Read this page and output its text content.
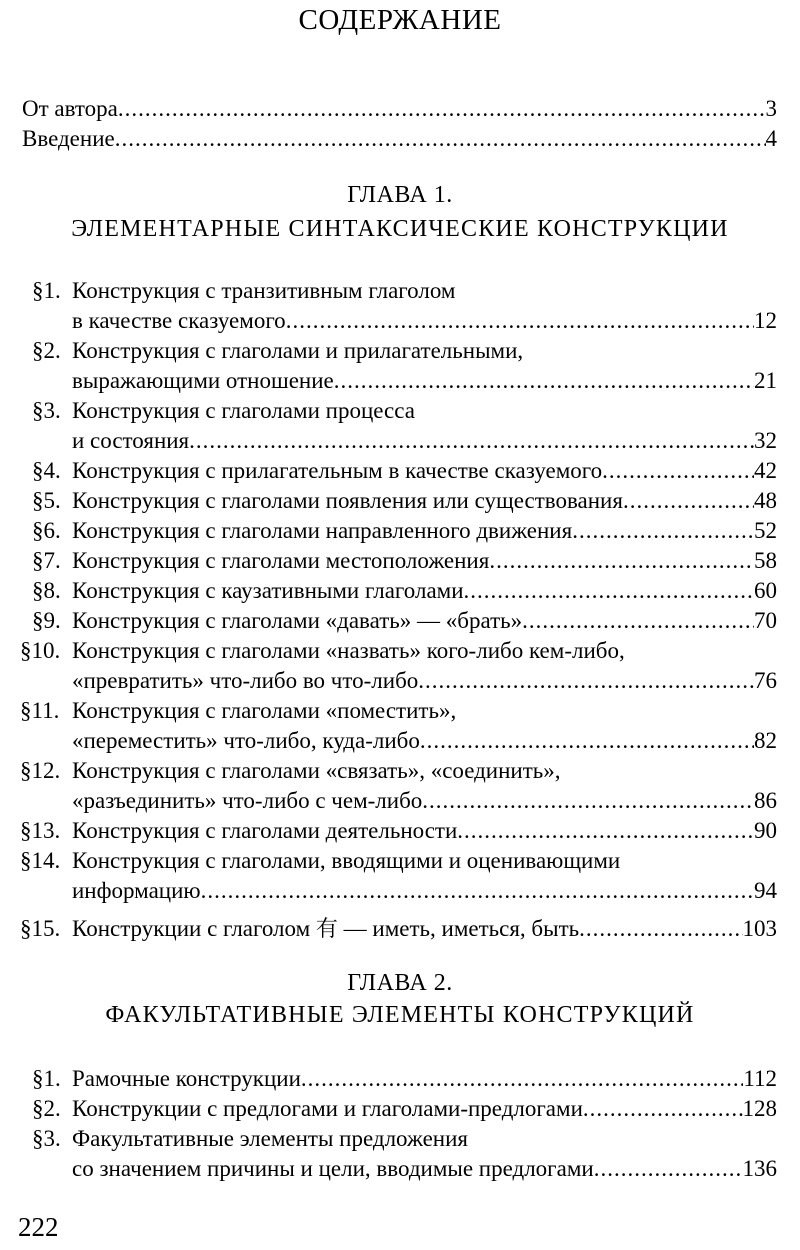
СОДЕРЖАНИЕ
От автора .....	3
Введение .....	4
ГЛАВА 1.
ЭЛЕМЕНТАРНЫЕ СИНТАКСИЧЕСКИЕ КОНСТРУКЦИИ
§1. Конструкция с транзитивным глаголом
в качестве сказуемого .....	12
§2. Конструкция с глаголами и прилагательными,
выражающими отношение .....	21
§3. Конструкция с глаголами процесса
и состояния .....	32
§4. Конструкция с прилагательным в качестве сказуемого .....	42
§5. Конструкция с глаголами появления или существования .....	48
§6. Конструкция с глаголами направленного движения .....	52
§7. Конструкция с глаголами местоположения .....	58
§8. Конструкция с каузативными глаголами .....	60
§9. Конструкция с глаголами «давать» — «брать» .....	70
§10. Конструкция с глаголами «назвать» кого-либо кем-либо,
«превратить» что-либо во что-либо .....	76
§11. Конструкция с глаголами «поместить»,
«переместить» что-либо, куда-либо .....	82
§12. Конструкция с глаголами «связать», «соединить»,
«разъединить» что-либо с чем-либо .....	86
§13. Конструкция с глаголами деятельности .....	90
§14. Конструкция с глаголами, вводящими и оценивающими
информацию .....	94
§15. Конструкции с глаголом 有 — иметь, иметься, быть .....	103
ГЛАВА 2.
ФАКУЛЬТАТИВНЫЕ ЭЛЕМЕНТЫ КОНСТРУКЦИЙ
§1. Рамочные конструкции .....	112
§2. Конструкции с предлогами и глаголами-предлогами .....	128
§3. Факультативные элементы предложения
со значением причины и цели, вводимые предлогами .....	136
222
